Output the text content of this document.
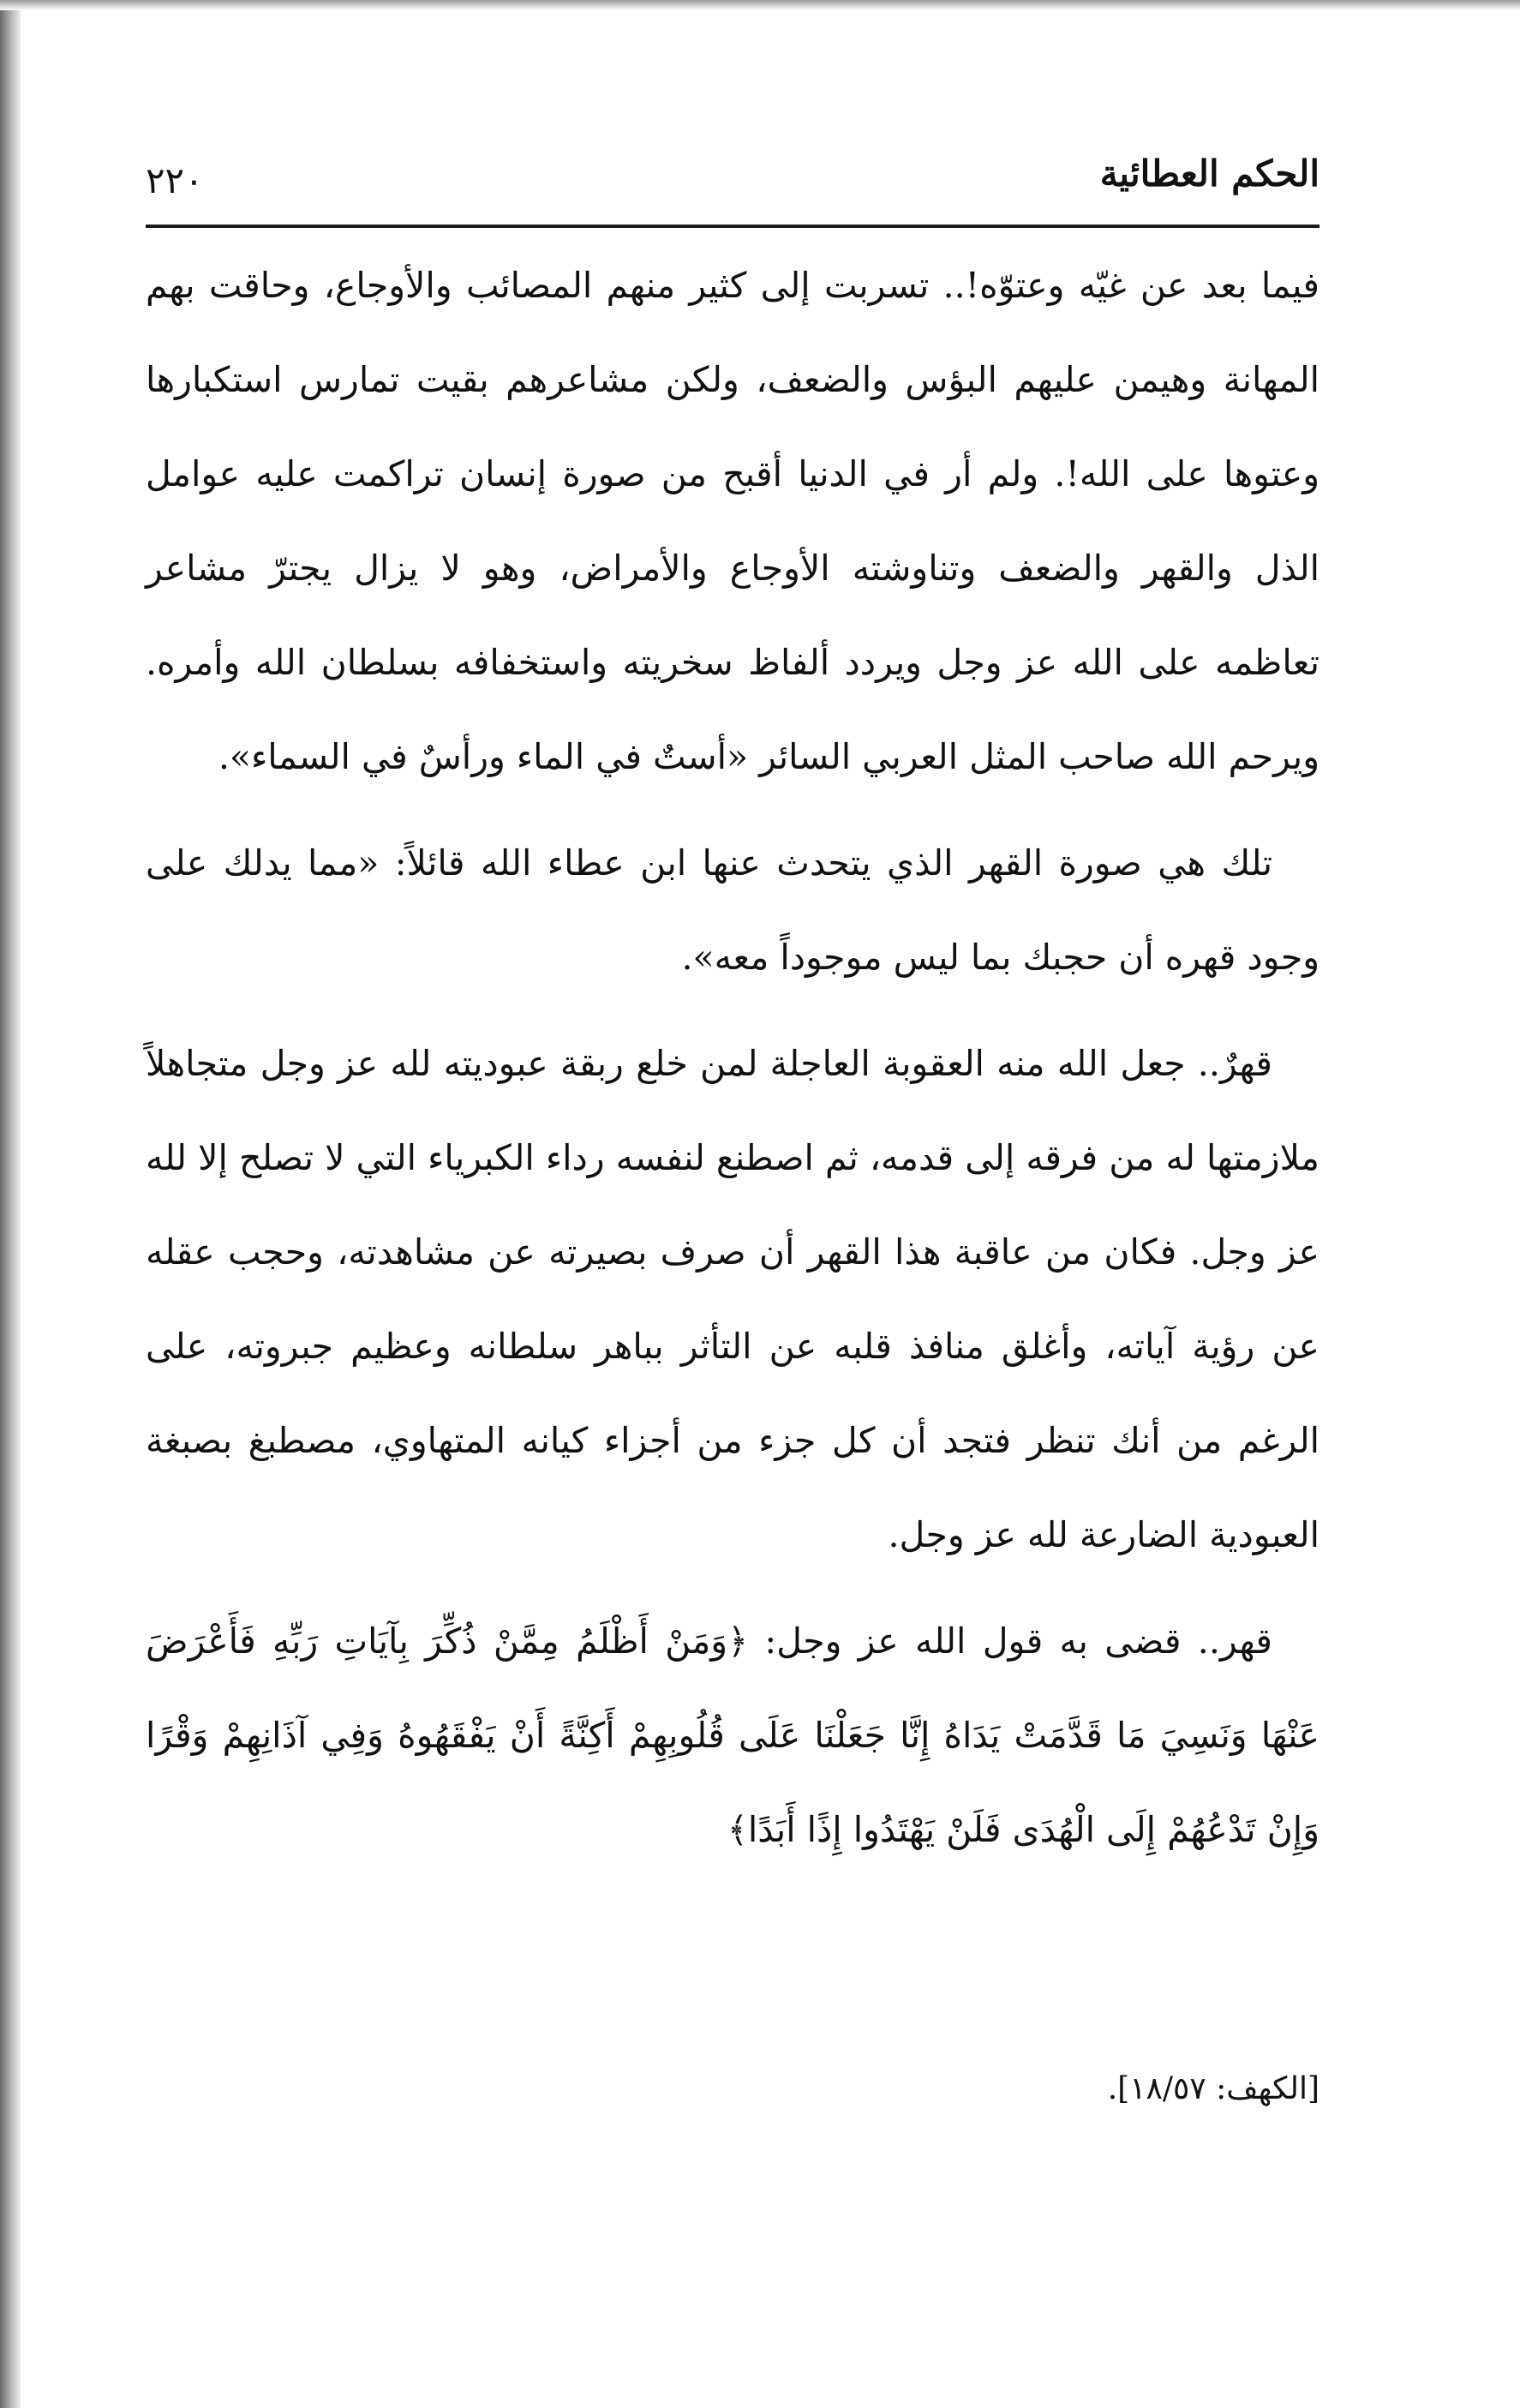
الحكم العطائية
٢٢٠

فيما بعد عن غيّه وعتوّه!.. تسربت إلى كثير منهم المصائب والأوجاع، وحاقت بهم المهانة وهيمن عليهم البؤس والضعف، ولكن مشاعرهم بقيت تمارس استكبارها وعتوها على الله!. ولم أر في الدنيا أقبح من صورة إنسان تراكمت عليه عوامل الذل والقهر والضعف وتناوشته الأوجاع والأمراض، وهو لا يزال يجترّ مشاعر تعاظمه على الله عز وجل ويردد ألفاظ سخريته واستخفافه بسلطان الله وأمره. ويرحم الله صاحب المثل العربي السائر «أستٌ في الماء ورأسٌ في السماء».

تلك هي صورة القهر الذي يتحدث عنها ابن عطاء الله قائلاً: «مما يدلك على وجود قهره أن حجبك بما ليس موجوداً معه».

قهرٌ.. جعل الله منه العقوبة العاجلة لمن خلع ربقة عبوديته لله عز وجل متجاهلاً ملازمتها له من فرقه إلى قدمه، ثم اصطنع لنفسه رداء الكبرياء التي لا تصلح إلا لله عز وجل. فكان من عاقبة هذا القهر أن صرف بصيرته عن مشاهدته، وحجب عقله عن رؤية آياته، وأغلق منافذ قلبه عن التأثر بباهر سلطانه وعظيم جبروته، على الرغم من أنك تنظر فتجد أن كل جزء من أجزاء كيانه المتهاوي، مصطبغ بصبغة العبودية الضارعة لله عز وجل.

قهر.. قضى به قول الله عز وجل: ﴿وَمَنْ أَظْلَمُ مِمَّنْ ذُكِّرَ بِآيَاتِ رَبِّهِ فَأَعْرَضَ عَنْهَا وَنَسِيَ مَا قَدَّمَتْ يَدَاهُ إِنَّا جَعَلْنَا عَلَى قُلُوبِهِمْ أَكِنَّةً أَنْ يَفْقَهُوهُ وَفِي آذَانِهِمْ وَقْرًا وَإِنْ تَدْعُهُمْ إِلَى الْهُدَى فَلَنْ يَهْتَدُوا إِذًا أَبَدًا﴾

[الكهف: ١٨/٥٧].
